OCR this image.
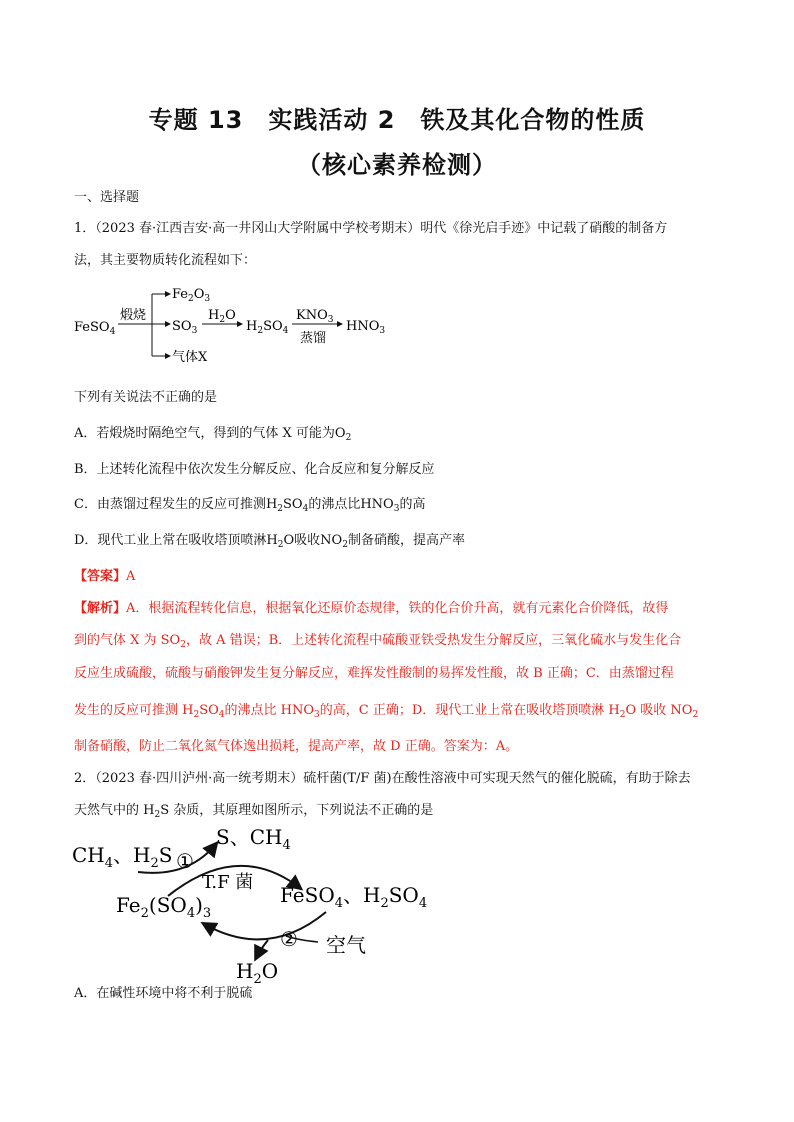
专题 13　实践活动 2　铁及其化合物的性质
（核心素养检测）
一、选择题
1．（2023 春·江西吉安·高一井冈山大学附属中学校考期末）明代《徐光启手迹》中记载了硝酸的制备方
法，其主要物质转化流程如下：
FeSO$_4$
煅烧
$Fe_2O_3$
$SO_3$
$H_2O$
$H_2SO_4$
$KNO_3$
蒸馏
$HNO_3$
气体X
下列有关说法不正确的是
A．若煅烧时隔绝空气，得到的气体 X 可能为$O_2$
B．上述转化流程中依次发生分解反应、化合反应和复分解反应
C．由蒸馏过程发生的反应可推测$H_2SO_4$的沸点比$HNO_3$的高
D．现代工业上常在吸收塔顶喷淋$H_2O$吸收$NO_2$制备硝酸，提高产率
【答案】A
【解析】A．根据流程转化信息，根据氧化还原价态规律，铁的化合价升高，就有元素化合价降低，故得
到的气体 X 为 $SO_2$，故 A 错误；B．上述转化流程中硫酸亚铁受热发生分解反应，三氧化硫水与发生化合
反应生成硫酸，硫酸与硝酸钾发生复分解反应，难挥发性酸制的易挥发性酸，故 B 正确；C．由蒸馏过程
发生的反应可推测 $H_2SO_4$的沸点比 $HNO_3$的高，C 正确；D．现代工业上常在吸收塔顶喷淋 $H_2O$ 吸收 $NO_2$
制备硝酸，防止二氧化氮气体逸出损耗，提高产率，故 D 正确。答案为：A。
2．（2023 春·四川泸州·高一统考期末）硫杆菌(T/F 菌)在酸性溶液中可实现天然气的催化脱硫，有助于除去
天然气中的 $H_2S$ 杂质，其原理如图所示，下列说法不正确的是
$CH_4$、$H_2S$
S、$CH_4$
①
T.F 菌
$Fe_2(SO_4)_3$
FeSO$_4$、$H_2SO_4$
② 空气
$H_2O$
A．在碱性环境中将不利于脱硫
